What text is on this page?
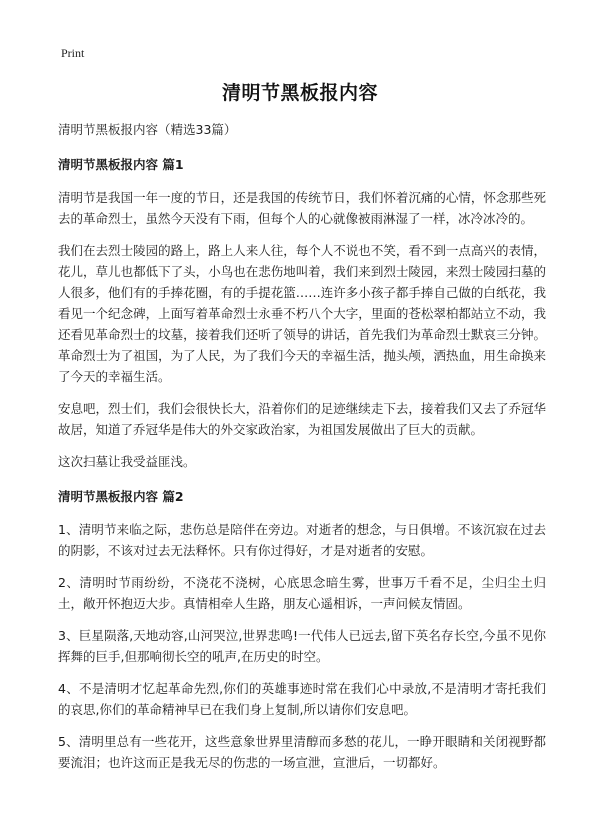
Print
清明节黑板报内容

清明节黑板报内容（精选33篇）

清明节黑板报内容 篇1

清明节是我国一年一度的节日，还是我国的传统节日，我们怀着沉痛的心情，怀念那些死去的革命烈士，虽然今天没有下雨，但每个人的心就像被雨淋湿了一样，冰冷冰冷的。

我们在去烈士陵园的路上，路上人来人往，每个人不说也不笑，看不到一点高兴的表情，花儿，草儿也都低下了头，小鸟也在悲伤地叫着，我们来到烈士陵园，来烈士陵园扫墓的人很多，他们有的手捧花圈，有的手提花篮……连许多小孩子都手捧自己做的白纸花，我看见一个纪念碑，上面写着革命烈士永垂不朽八个大字，里面的苍松翠柏都站立不动，我还看见革命烈士的坟墓，接着我们还听了领导的讲话，首先我们为革命烈士默哀三分钟。革命烈士为了祖国，为了人民，为了我们今天的幸福生活，抛头颅，洒热血，用生命换来了今天的幸福生活。

安息吧，烈士们，我们会很快长大，沿着你们的足迹继续走下去，接着我们又去了乔冠华故居，知道了乔冠华是伟大的外交家政治家，为祖国发展做出了巨大的贡献。

这次扫墓让我受益匪浅。

清明节黑板报内容 篇2

1、清明节来临之际，悲伤总是陪伴在旁边。对逝者的想念，与日俱增。不该沉寂在过去的阴影，不该对过去无法释怀。只有你过得好，才是对逝者的安慰。

2、清明时节雨纷纷，不浇花不浇树，心底思念暗生雾，世事万千看不足，尘归尘土归土，敞开怀抱迈大步。真情相牵人生路，朋友心遥相诉，一声问候友情固。

3、巨星陨落,天地动容,山河哭泣,世界悲鸣!一代伟人已远去,留下英名存长空,今虽不见你挥舞的巨手,但那响彻长空的吼声,在历史的时空。

4、不是清明才忆起革命先烈,你们的英雄事迹时常在我们心中录放,不是清明才寄托我们的哀思,你们的革命精神早已在我们身上复制,所以请你们安息吧。

5、清明里总有一些花开，这些意象世界里清醇而多愁的花儿，一睁开眼睛和关闭视野都要流泪；也许这而正是我无尽的伤悲的一场宣泄，宣泄后，一切都好。
